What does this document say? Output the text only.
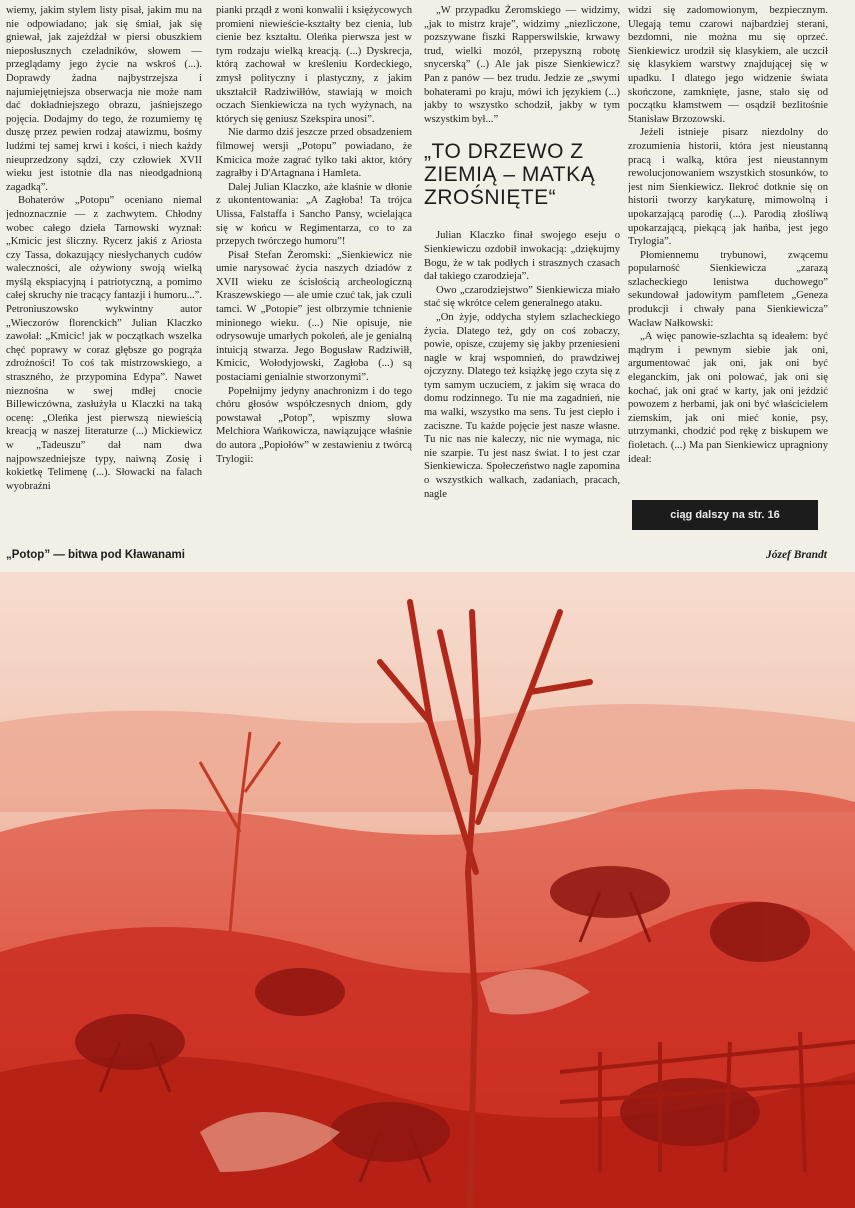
wiemy, jakim stylem listy pisał, jakim mu na nie odpowiadano; jak się śmiał, jak się gniewał, jak zajeżdżał w piersi obuszkiem nieposłusznych czeladników, słowem — przeglądamy jego życie na wskroś (...). Doprawdy żadna najbystrzejsza i najumiejętniejsza obserwacja nie może nam dać dokładniejszego obrazu, jaśniejszego pojęcia. Dodajmy do tego, że rozumiemy tę duszę przez pewien rodzaj atawizmu, bośmy ludźmi tej samej krwi i kości, i niech każdy nieuprzedzony sądzi, czy człowiek XVII wieku jest istotnie dla nas nieodgadnioną zagadką”.

Bohaterów „Potopu” oceniano niemal jednoznacznie — z zachwytem. Chłodny wobec całego dzieła Tarnowski wyznał: „Kmicic jest śliczny. Rycerz jakiś z Ariosta czy Tassa, dokazujący niesłychanych cudów waleczności, ale ożywiony swoją wielką myślą ekspiacyjną i patriotyczną, a pomimo całej skruchy nie tracący fantazji i humoru...”. Petroniuszowsko wykwintny autor „Wieczorów florenckich” Julian Klaczko zawołał: „Kmicic! jak w początkach wszelka chęć poprawy w coraz głębsze go pogrąża zdrożności! To coś tak mistrzowskiego, a straszného, że przypomina Edypa”. Nawet nieznośna w swej mdłej cnocie Billewiczówna, zasłużyła u Klaczki na taką ocenę: „Oleńka jest pierwszą niewieścią kreacją w naszej literaturze (...) Mickiewicz w „Tadeuszu” dał nam dwa najpowszedniejsze typy, naiwną Zosię i kokietkę Telimenę (...). Słowacki na falach wyobraźni

pianki prządł z woni konwalii i księżycowych promieni niewieście-kształty bez cienia, lub cienie bez kształtu. Oleńka pierwsza jest w tym rodzaju wielką kreacją. (...) Dyskrecja, którą zachował w kreśleniu Kordeckiego, zmysł polityczny i plastyczny, z jakim ukształcił Radziwiłłów, stawiają w moich oczach Sienkiewicza na tych wyżynach, na których się geniusz Szekspira unosi”.

Nie darmo dziś jeszcze przed obsadzeniem filmowej wersji „Potopu” powiadano, że Kmicica może zagrać tylko taki aktor, który zagrałby i D'Artagnana i Hamleta.

Dalej Julian Klaczko, aże klaśnie w dłonie z ukontentowania: „A Zagłoba! Ta trójca Ulissa, Falstaffa i Sancho Pansy, wcielająca się w końcu w Regimentarza, co to za przepych twórczego humoru”!

Pisał Stefan Żeromski: „Sienkiewicz nie umie narysować życia naszych dziadów z XVII wieku ze ścisłością archeologiczną Kraszewskiego — ale umie czuć tak, jak czuli tamci. W „Potopie” jest olbrzymie tchnienie minionego wieku. (...) Nie opisuje, nie odrysowuje umarłych pokoleń, ale je genialną intuicją stwarza. Jego Bogusław Radziwiłł, Kmicic, Wołodyjowski, Zagłoba (...) są postaciami genialnie stworzonymi”.

Popełnijmy jedyny anachronizm i do tego chóru głosów współczesnych dniom, gdy powstawał „Potop”, wpiszmy słowa Melchiora Wańkowicza, nawiązujące właśnie do autora „Popiołów” w zestawieniu z twórcą Trylogii:

„W przypadku Żeromskiego — widzimy, „jak to mistrz kraje”, widzimy „niezliczone, pozszywane fiszki Rapperswilskie, krwawy trud, wielki mozół, przepyszną robotę snycerską” (..) Ale jak pisze Sienkiewicz? Pan z panów — bez trudu. Jedzie ze „swymi bohaterami po kraju, mówi ich językiem (...) jakby to wszystko schodził, jakby w tym wszystkim był...”

„TO DRZEWO Z ZIEMIĄ – MATKĄ ZROŚNIĘTE“

Julian Klaczko finał swojego eseju o Sienkiewiczu ozdobił inwokacją: „dziękujmy Bogu, że w tak podłych i strasznych czasach dał takiego czarodzieja”.

Owo „czarodziejstwo” Sienkiewicza miało stać się wkrótce celem generalnego ataku.

„On żyje, oddycha stylem szlacheckiego życia. Dlatego też, gdy on coś zobaczy, powie, opisze, czujemy się jakby przeniesieni nagle w kraj wspomnień, do prawdziwej ojczyzny. Dlatego też książkę jego czyta się z tym samym uczuciem, z jakim się wraca do domu rodzinnego. Tu nie ma zagadnień, nie ma walki, wszystko ma sens. Tu jest ciepło i zaciszne. Tu każde pojęcie jest nasze własne. Tu nic nas nie kaleczy, nic nie wymaga, nic nie szarpie. Tu jest nasz świat. I to jest czar Sienkiewicza. Społeczeństwo nagle zapomina o wszystkich walkach, zadaniach, pracach, nagle

widzi się zadomowionym, bezpiecznym. Ulegają temu czarowi najbardziej sterani, bezdomni, nie można mu się oprzeć. Sienkiewicz urodził się klasykiem, ale uczcił się klasykiem warstwy znajdującej się w upadku. I dlatego jego widzenie świata skończone, zamknięte, jasne, stało się od początku kłamstwem — osądził bezlitośnie Stanisław Brzozowski.

Jeżeli istnieje pisarz niezdolny do zrozumienia historii, która jest nieustanną pracą i walką, która jest nieustannym rewolucjonowaniem wszystkich stosunków, to jest nim Sienkiewicz. Ilekroć dotknie się on historii tworzy karykaturę, mimowolną i upokarzającą parodię (...). Parodią złośliwą upokarzającą, piekącą jak hańba, jest jego Trylogia”.

Płomiennemu trybunowi, zwącemu popularność Sienkiewicza „zarazą szlacheckiego lenistwa duchowego” sekundował jadowitym pamfletem „Geneza produkcji i chwały pana Sienkiewicza” Wacław Nałkowski:

„A więc panowie-szlachta są ideałem: być mądrym i pewnym siebie jak oni, argumentować jak oni, jak oni być eleganckim, jak oni polować, jak oni się kochać, jak oni grać w karty, jak oni jeździć powozem z herbami, jak oni być właścicielem ziemskim, jak oni mieć konie, psy, utrzymanki, chodzić pod rękę z biskupem we fioletach. (...) Ma pan Sienkiewicz upragniony ideał:

ciąg dalszy na str. 16
„Potop” — bitwa pod Kławanami	Józef Brandt
